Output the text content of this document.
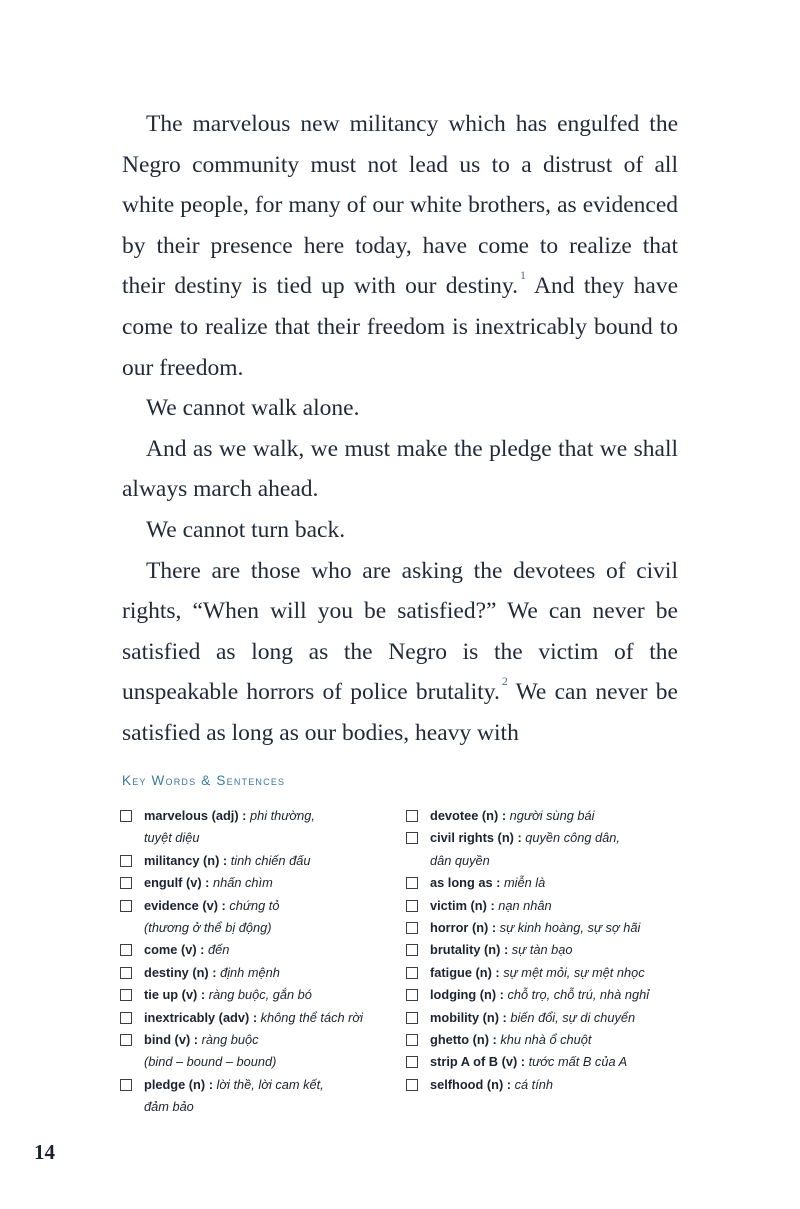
The marvelous new militancy which has engulfed the Negro community must not lead us to a distrust of all white people, for many of our white brothers, as evidenced by their presence here today, have come to realize that their destiny is tied up with our destiny. $^1$ And they have come to realize that their freedom is inextricably bound to our freedom.

We cannot walk alone.

And as we walk, we must make the pledge that we shall always march ahead.

We cannot turn back.

There are those who are asking the devotees of civil rights, “When will you be satisfied?” We can never be satisfied as long as the Negro is the victim of the unspeakable horrors of police brutality. $^2$ We can never be satisfied as long as our bodies, heavy with

Key Words & Sentences
marvelous (adj) : phi thường,
tuyệt diệu
militancy (n) : tinh chiến đấu
engulf (v) : nhấn chìm
evidence (v) : chứng tỏ
(thương ở thể bị động)
come (v) : đến
destiny (n) : định mệnh
tie up (v) : ràng buộc, gắn bó
inextricably (adv) : không thể tách rời
bind (v) : ràng buộc
(bind – bound – bound)
pledge (n) : lời thề, lời cam kết,
đảm bảo
devotee (n) : người sùng bái
civil rights (n) : quyền công dân,
dân quyền
as long as : miễn là
victim (n) : nạn nhân
horror (n) : sự kinh hoàng, sự sợ hãi
brutality (n) : sự tàn bạo
fatigue (n) : sự mệt mỏi, sự mệt nhọc
lodging (n) : chỗ trọ, chỗ trú, nhà nghỉ
mobility (n) : biến đổi, sự di chuyển
ghetto (n) : khu nhà ổ chuột
strip A of B (v) : tước mất B của A
selfhood (n) : cá tính
14
